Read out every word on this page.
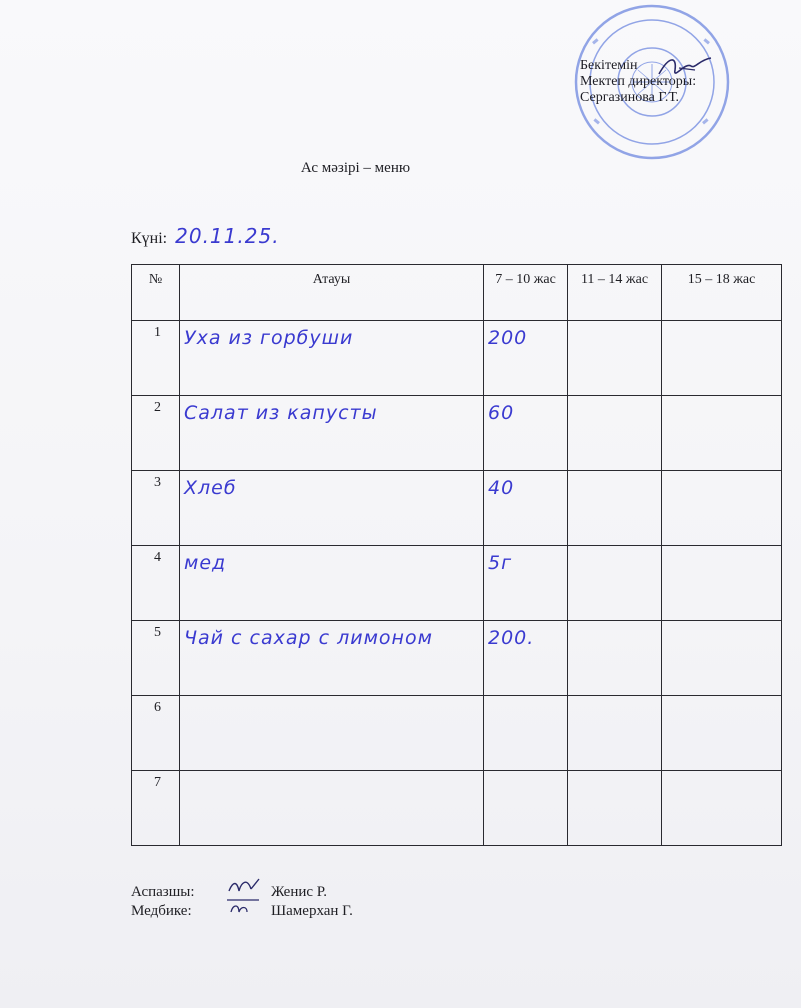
Бекітемін
Мектеп директоры:
Сергазинова Г.Т.
Ас мәзірі – меню
Күні: 20.11.25.
№	Атауы	7 – 10 жас	11 – 14 жас	15 – 18 жас
1	Уха из горбуши	200		
2	Салат из капусты	60		
3	Хлеб	40		
4	мед	5г		
5	Чай с сахар с лимоном	200.		
6				
7				
Аспазшы:	Женис Р.
Медбике:	Шамерхан Г.
